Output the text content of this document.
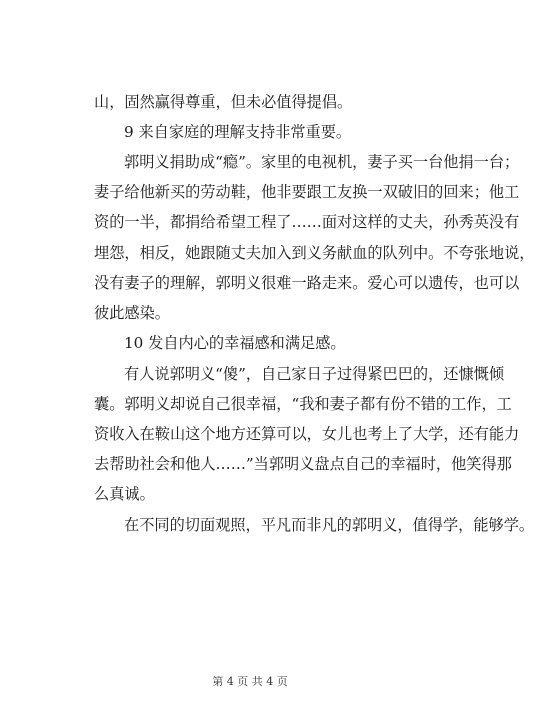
山，固然赢得尊重，但未必值得提倡。
9 来自家庭的理解支持非常重要。
郭明义捐助成“瘾”。家里的电视机，妻子买一台他捐一台；
妻子给他新买的劳动鞋，他非要跟工友换一双破旧的回来；他工
资的一半，都捐给希望工程了……面对这样的丈夫，孙秀英没有
埋怨，相反，她跟随丈夫加入到义务献血的队列中。不夸张地说，
没有妻子的理解，郭明义很难一路走来。爱心可以遗传，也可以
彼此感染。
10 发自内心的幸福感和满足感。
有人说郭明义“傻”，自己家日子过得紧巴巴的，还慷慨倾
囊。郭明义却说自己很幸福，“我和妻子都有份不错的工作，工
资收入在鞍山这个地方还算可以，女儿也考上了大学，还有能力
去帮助社会和他人……”当郭明义盘点自己的幸福时，他笑得那
么真诚。
在不同的切面观照，平凡而非凡的郭明义，值得学，能够学。
第 4 页 共 4 页
